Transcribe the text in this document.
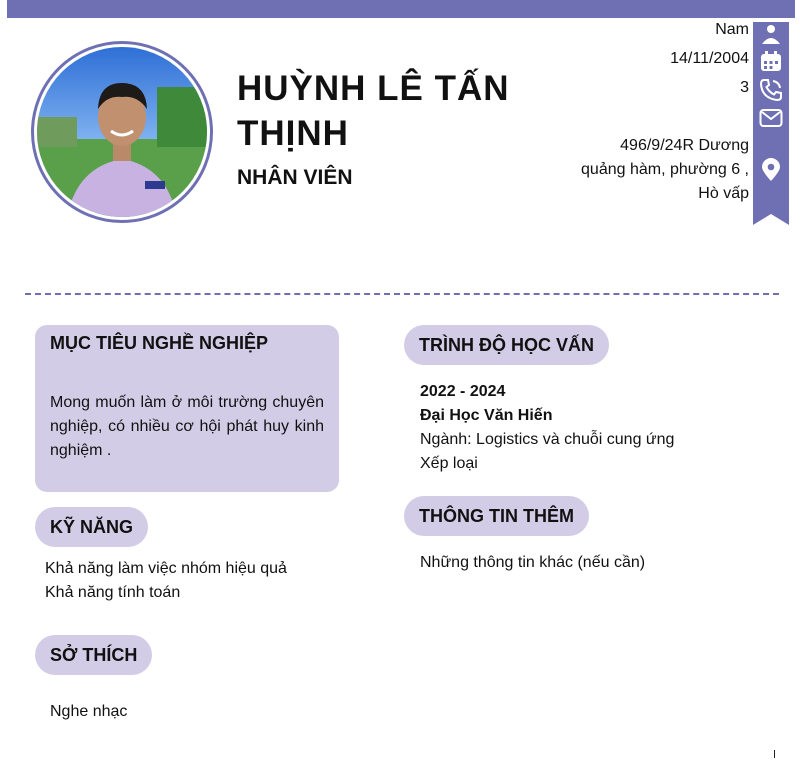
HUỲNH LÊ TẤN THỊNH
NHÂN VIÊN
Nam
14/11/2004
3
496/9/24R Dương
quảng hàm, phường 6 ,
Hò vấp
MỤC TIÊU NGHỀ NGHIỆP

Mong muốn làm ở môi trường chuyên nghiệp, có nhiều cơ hội phát huy kinh nghiệm .

KỸ NĂNG

Khả năng làm việc nhóm hiệu quả

Khả năng tính toán

SỞ THÍCH

Nghe nhạc

TRÌNH ĐỘ HỌC VẤN

2022 - 2024

Đại Học Văn Hiến

Ngành: Logistics và chuỗi cung ứng

Xếp loại

THÔNG TIN THÊM

Những thông tin khác (nếu cần)
